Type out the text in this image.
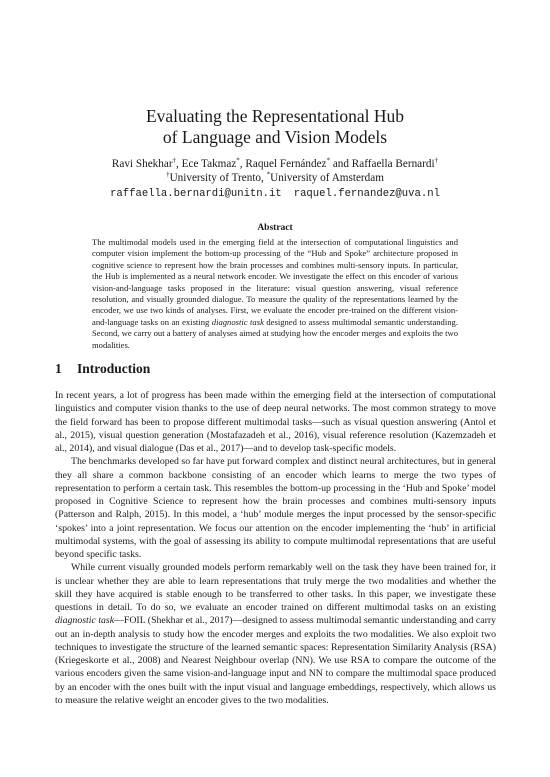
Evaluating the Representational Hub
of Language and Vision Models
Ravi Shekhar†, Ece Takmaz*, Raquel Fernández* and Raffaella Bernardi†
†University of Trento, *University of Amsterdam
raffaella.bernardi@unitn.it raquel.fernandez@uva.nl
Abstract
The multimodal models used in the emerging field at the intersection of computational linguistics and computer vision implement the bottom-up processing of the “Hub and Spoke” architecture proposed in cognitive science to represent how the brain processes and combines multi-sensory inputs. In particular, the Hub is implemented as a neural network encoder. We investigate the effect on this encoder of various vision-and-language tasks proposed in the literature: visual question answering, visual reference resolution, and visually grounded dialogue. To measure the quality of the representations learned by the encoder, we use two kinds of analyses. First, we evaluate the encoder pre-trained on the different vision-and-language tasks on an existing diagnostic task designed to assess multimodal semantic understanding. Second, we carry out a battery of analyses aimed at studying how the encoder merges and exploits the two modalities.
1 Introduction

In recent years, a lot of progress has been made within the emerging field at the intersection of computational linguistics and computer vision thanks to the use of deep neural networks. The most common strategy to move the field forward has been to propose different multimodal tasks—such as visual question answering (Antol et al., 2015), visual question generation (Mostafazadeh et al., 2016), visual reference resolution (Kazemzadeh et al., 2014), and visual dialogue (Das et al., 2017)—and to develop task-specific models.

The benchmarks developed so far have put forward complex and distinct neural architectures, but in general they all share a common backbone consisting of an encoder which learns to merge the two types of representation to perform a certain task. This resembles the bottom-up processing in the ‘Hub and Spoke’ model proposed in Cognitive Science to represent how the brain processes and combines multi-sensory inputs (Patterson and Ralph, 2015). In this model, a ‘hub’ module merges the input processed by the sensor-specific ‘spokes’ into a joint representation. We focus our attention on the encoder implementing the ‘hub’ in artificial multimodal systems, with the goal of assessing its ability to compute multimodal representations that are useful beyond specific tasks.

While current visually grounded models perform remarkably well on the task they have been trained for, it is unclear whether they are able to learn representations that truly merge the two modalities and whether the skill they have acquired is stable enough to be transferred to other tasks. In this paper, we investigate these questions in detail. To do so, we evaluate an encoder trained on different multimodal tasks on an existing diagnostic task—FOIL (Shekhar et al., 2017)—designed to assess multimodal semantic understanding and carry out an in-depth analysis to study how the encoder merges and exploits the two modalities. We also exploit two techniques to investigate the structure of the learned semantic spaces: Representation Similarity Analysis (RSA) (Kriegeskorte et al., 2008) and Nearest Neighbour overlap (NN). We use RSA to compare the outcome of the various encoders given the same vision-and-language input and NN to compare the multimodal space produced by an encoder with the ones built with the input visual and language embeddings, respectively, which allows us to measure the relative weight an encoder gives to the two modalities.
